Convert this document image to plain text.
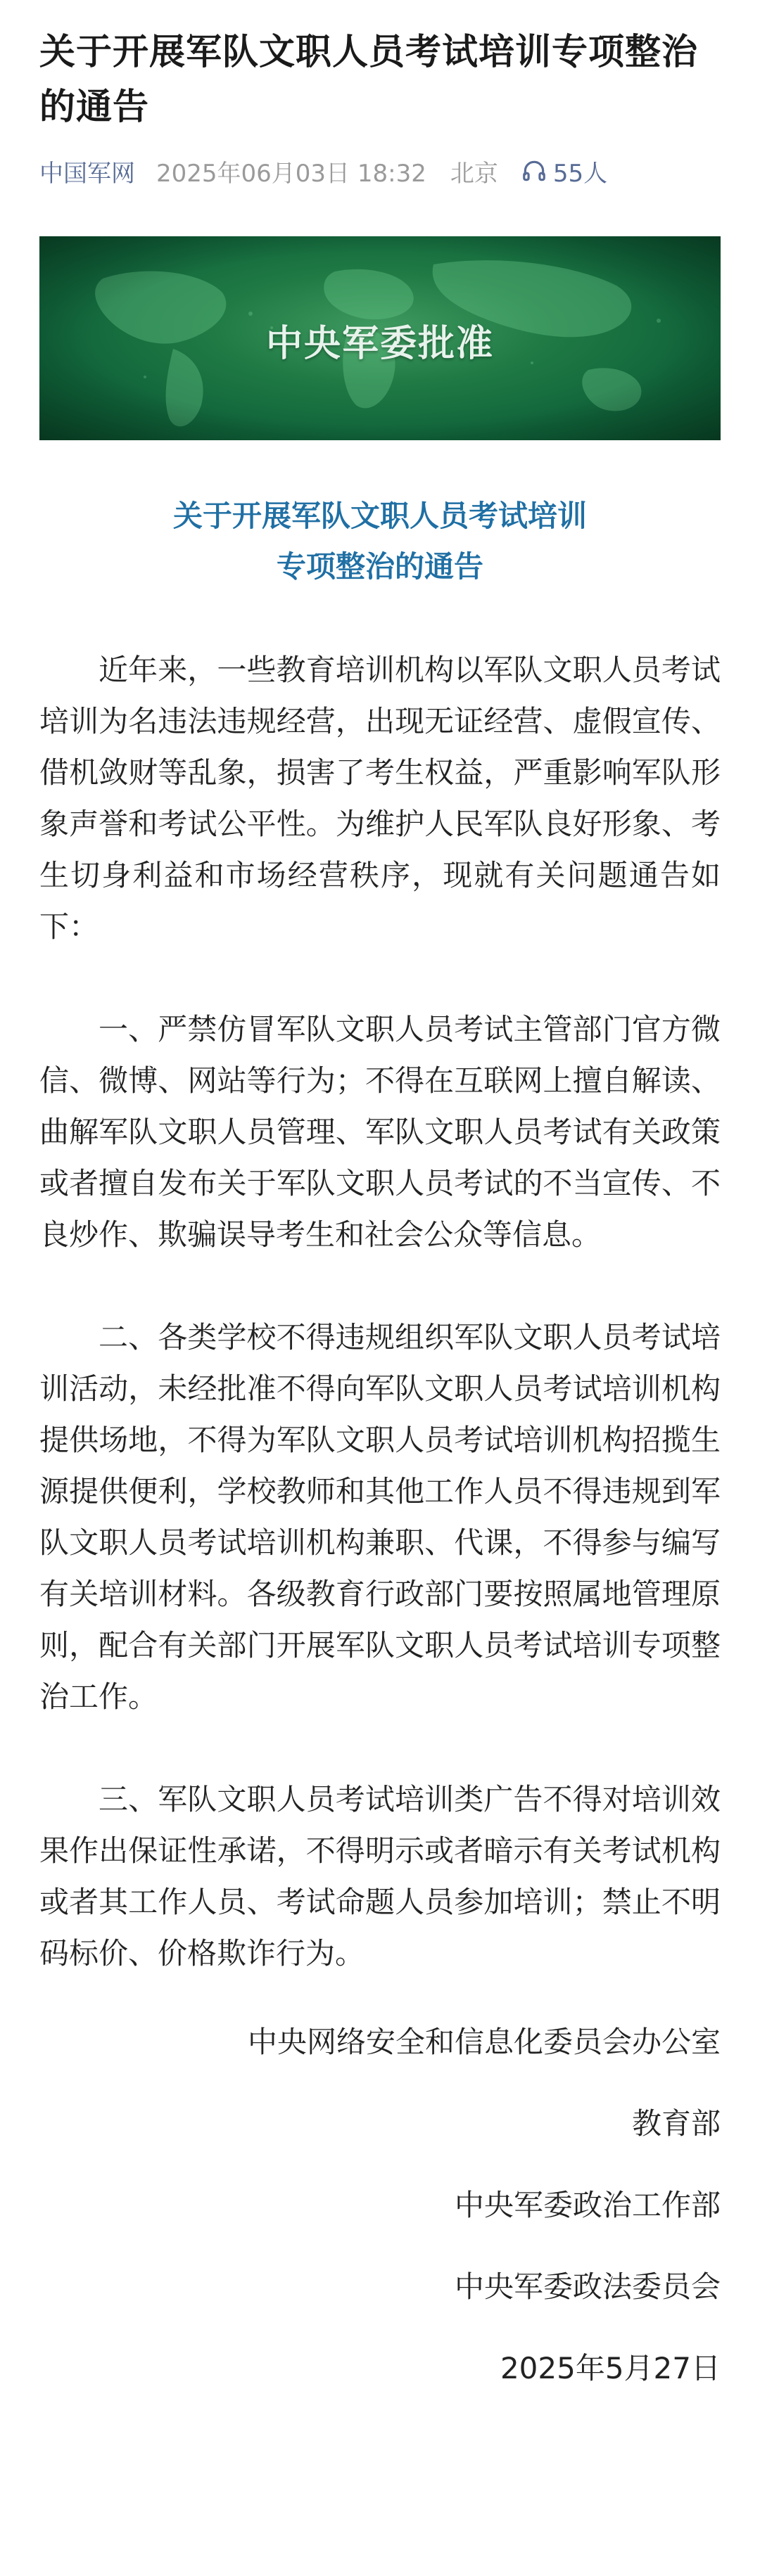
关于开展军队文职人员考试培训专项整治的通告
中国军网 2025年06月03日 18:32 北京 55人
中央军委批准
关于开展军队文职人员考试培训
专项整治的通告

近年来，一些教育培训机构以军队文职人员考试培训为名违法违规经营，出现无证经营、虚假宣传、借机敛财等乱象，损害了考生权益，严重影响军队形象声誉和考试公平性。为维护人民军队良好形象、考生切身利益和市场经营秩序，现就有关问题通告如下：

一、严禁仿冒军队文职人员考试主管部门官方微信、微博、网站等行为；不得在互联网上擅自解读、曲解军队文职人员管理、军队文职人员考试有关政策或者擅自发布关于军队文职人员考试的不当宣传、不良炒作、欺骗误导考生和社会公众等信息。

二、各类学校不得违规组织军队文职人员考试培训活动，未经批准不得向军队文职人员考试培训机构提供场地，不得为军队文职人员考试培训机构招揽生源提供便利，学校教师和其他工作人员不得违规到军队文职人员考试培训机构兼职、代课，不得参与编写有关培训材料。各级教育行政部门要按照属地管理原则，配合有关部门开展军队文职人员考试培训专项整治工作。

三、军队文职人员考试培训类广告不得对培训效果作出保证性承诺，不得明示或者暗示有关考试机构或者其工作人员、考试命题人员参加培训；禁止不明码标价、价格欺诈行为。

中央网络安全和信息化委员会办公室
教育部
中央军委政治工作部
中央军委政法委员会
2025年5月27日
